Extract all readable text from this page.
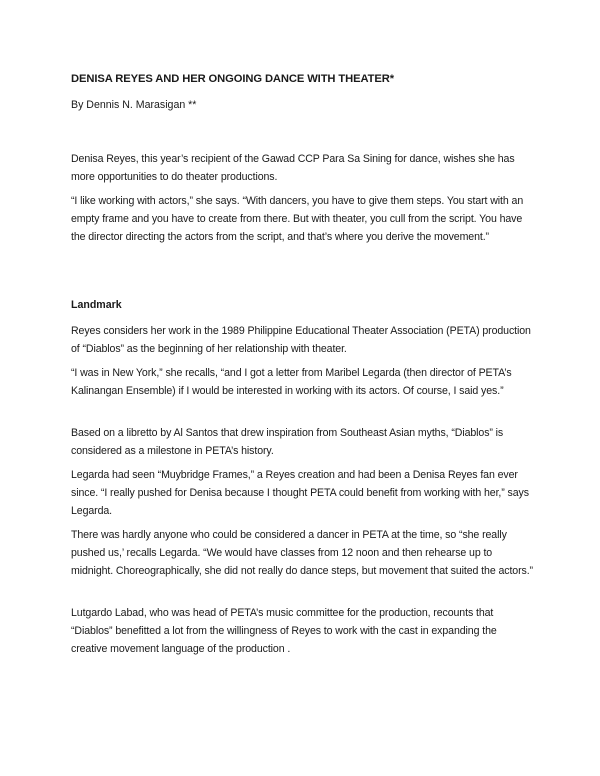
DENISA REYES AND HER ONGOING DANCE WITH THEATER*
By Dennis N. Marasigan **

Denisa Reyes, this year’s recipient of the Gawad CCP Para Sa Sining for dance, wishes she has more opportunities to do theater productions.

“I like working with actors,” she says. “With dancers, you have to give them steps. You start with an empty frame and you have to create from there. But with theater, you cull from the script. You have the director directing the actors from the script, and that’s where you derive the movement.”

Landmark

Reyes considers her work in the 1989 Philippine Educational Theater Association (PETA) production of “Diablos” as the beginning of her relationship with theater.

“I was in New York,” she recalls, “and I got a letter from Maribel Legarda (then director of PETA’s Kalinangan Ensemble) if I would be interested in working with its actors. Of course, I said yes.”

Based on a libretto by Al Santos that drew inspiration from Southeast Asian myths, “Diablos” is considered as a milestone in PETA’s history.

Legarda had seen “Muybridge Frames,” a Reyes creation and had been a Denisa Reyes fan ever since. “I really pushed for Denisa because I thought PETA could benefit from working with her,” says Legarda.

There was hardly anyone who could be considered a dancer in PETA at the time, so “she really pushed us,’ recalls Legarda. “We would have classes from 12 noon and then rehearse up to midnight. Choreographically, she did not really do dance steps, but movement that suited the actors.”

Lutgardo Labad, who was head of PETA’s music committee for the production, recounts that “Diablos” benefitted a lot from the willingness of Reyes to work with the cast in expanding the creative movement language of the production .
